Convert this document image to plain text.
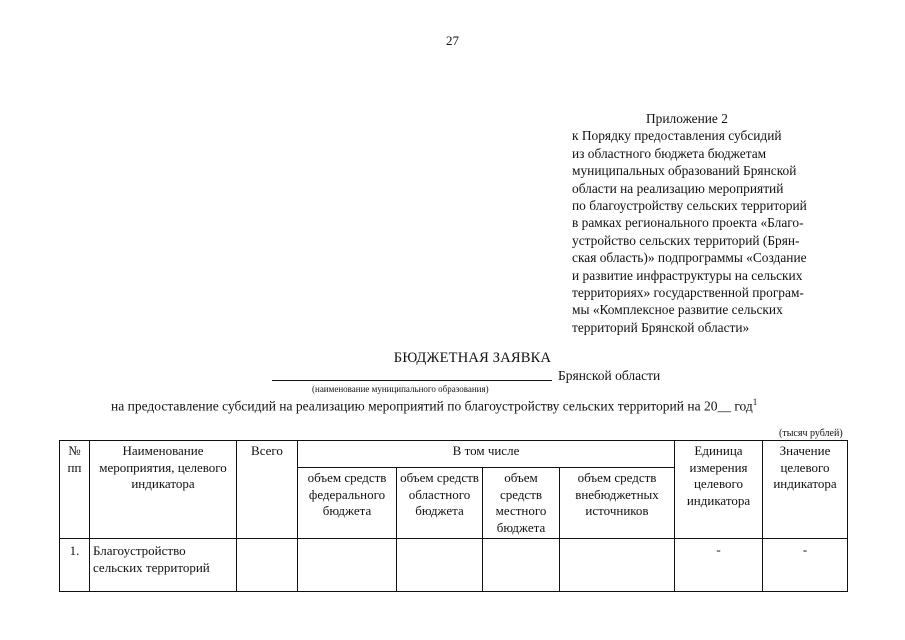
27
Приложение 2
к Порядку предоставления субсидий
из областного бюджета бюджетам
муниципальных образований Брянской
области на реализацию мероприятий
по благоустройству сельских территорий
в рамках регионального проекта «Благо-
устройство сельских территорий (Брян-
ская область)» подпрограммы «Создание
и развитие инфраструктуры на сельских
территориях» государственной програм-
мы «Комплексное развитие сельских
территорий Брянской области»
БЮДЖЕТНАЯ ЗАЯВКА
Брянской области
(наименование муниципального образования)
на предоставление субсидий на реализацию мероприятий по благоустройству сельских территорий на 20__ год$^1$
(тысяч рублей)
№ пп	Наименование мероприятия, целевого индикатора	Всего	В том числе				Единица измерения целевого индикатора	Значение целевого индикатора
			объем средств федерального бюджета	объем средств областного бюджета	объем средств местного бюджета	объем средств внебюджетных источников		
1.	Благоустройство сельских территорий						-	-
